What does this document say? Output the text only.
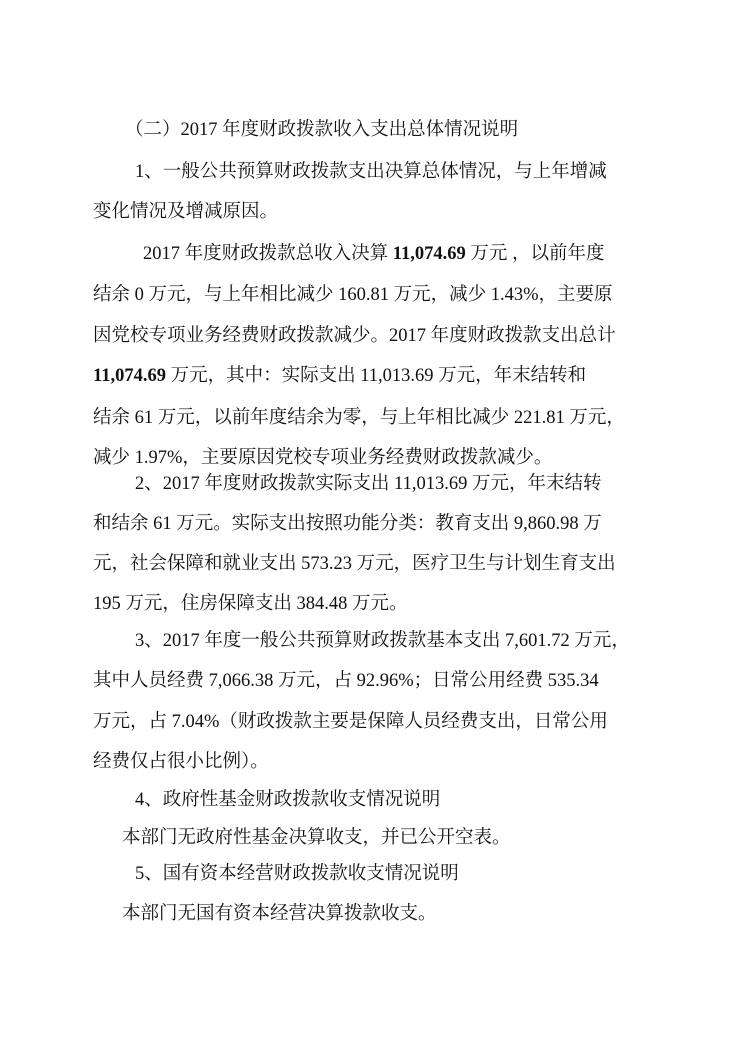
（二）2017 年度财政拨款收入支出总体情况说明
1、一般公共预算财政拨款支出决算总体情况，与上年增减
变化情况及增减原因。
2017 年度财政拨款总收入决算 11,074.69 万元 ，以前年度
结余 0 万元，与上年相比减少 160.81 万元，减少 1.43%，主要原
因党校专项业务经费财政拨款减少。2017 年度财政拨款支出总计
11,074.69 万元，其中：实际支出 11,013.69 万元，年末结转和
结余 61 万元，以前年度结余为零，与上年相比减少 221.81 万元，
减少 1.97%，主要原因党校专项业务经费财政拨款减少。
2、2017 年度财政拨款实际支出 11,013.69 万元，年末结转
和结余 61 万元。实际支出按照功能分类：教育支出 9,860.98 万
元，社会保障和就业支出 573.23 万元，医疗卫生与计划生育支出
195 万元，住房保障支出 384.48 万元。
3、2017 年度一般公共预算财政拨款基本支出 7,601.72 万元，
其中人员经费 7,066.38 万元，占 92.96%；日常公用经费 535.34
万元，占 7.04%（财政拨款主要是保障人员经费支出，日常公用
经费仅占很小比例）。
4、政府性基金财政拨款收支情况说明
本部门无政府性基金决算收支，并已公开空表。
5、国有资本经营财政拨款收支情况说明
本部门无国有资本经营决算拨款收支。
